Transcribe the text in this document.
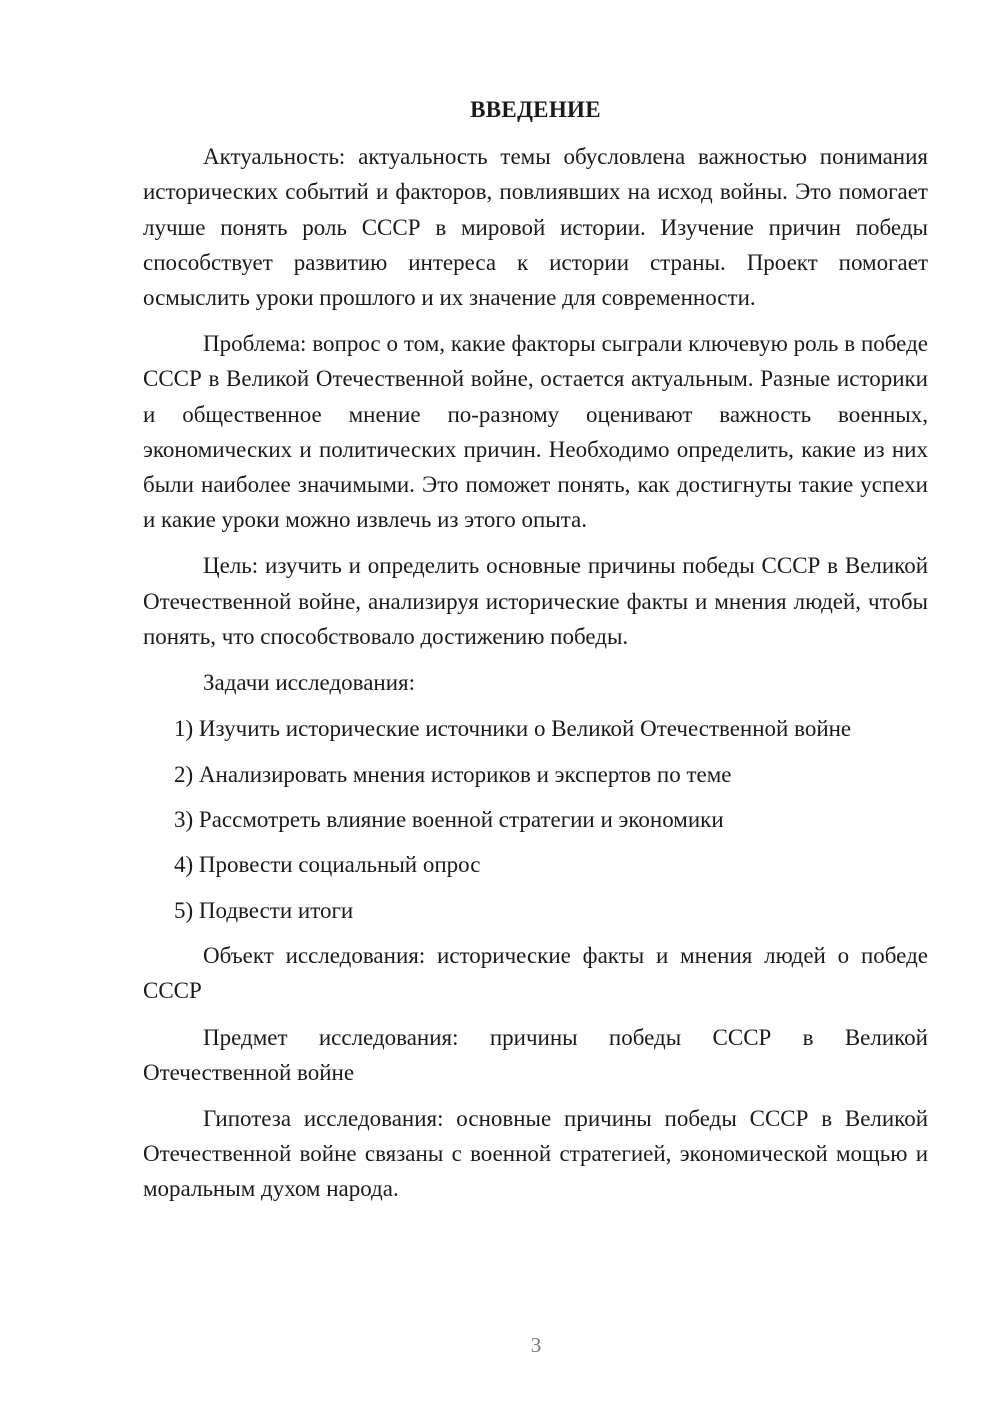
ВВЕДЕНИЕ

Актуальность: актуальность темы обусловлена важностью понимания исторических событий и факторов, повлиявших на исход войны. Это помогает лучше понять роль СССР в мировой истории. Изучение причин победы способствует развитию интереса к истории страны. Проект помогает осмыслить уроки прошлого и их значение для современности.

Проблема: вопрос о том, какие факторы сыграли ключевую роль в победе СССР в Великой Отечественной войне, остается актуальным. Разные историки и общественное мнение по-разному оценивают важность военных, экономических и политических причин. Необходимо определить, какие из них были наиболее значимыми. Это поможет понять, как достигнуты такие успехи и какие уроки можно извлечь из этого опыта.

Цель: изучить и определить основные причины победы СССР в Великой Отечественной войне, анализируя исторические факты и мнения людей, чтобы понять, что способствовало достижению победы.

Задачи исследования:

1) Изучить исторические источники о Великой Отечественной войне
2) Анализировать мнения историков и экспертов по теме
3) Рассмотреть влияние военной стратегии и экономики
4) Провести социальный опрос
5) Подвести итоги

Объект исследования: исторические факты и мнения людей о победе СССР

Предмет исследования: причины победы СССР в Великой Отечественной войне

Гипотеза исследования: основные причины победы СССР в Великой Отечественной войне связаны с военной стратегией, экономической мощью и моральным духом народа.

3
